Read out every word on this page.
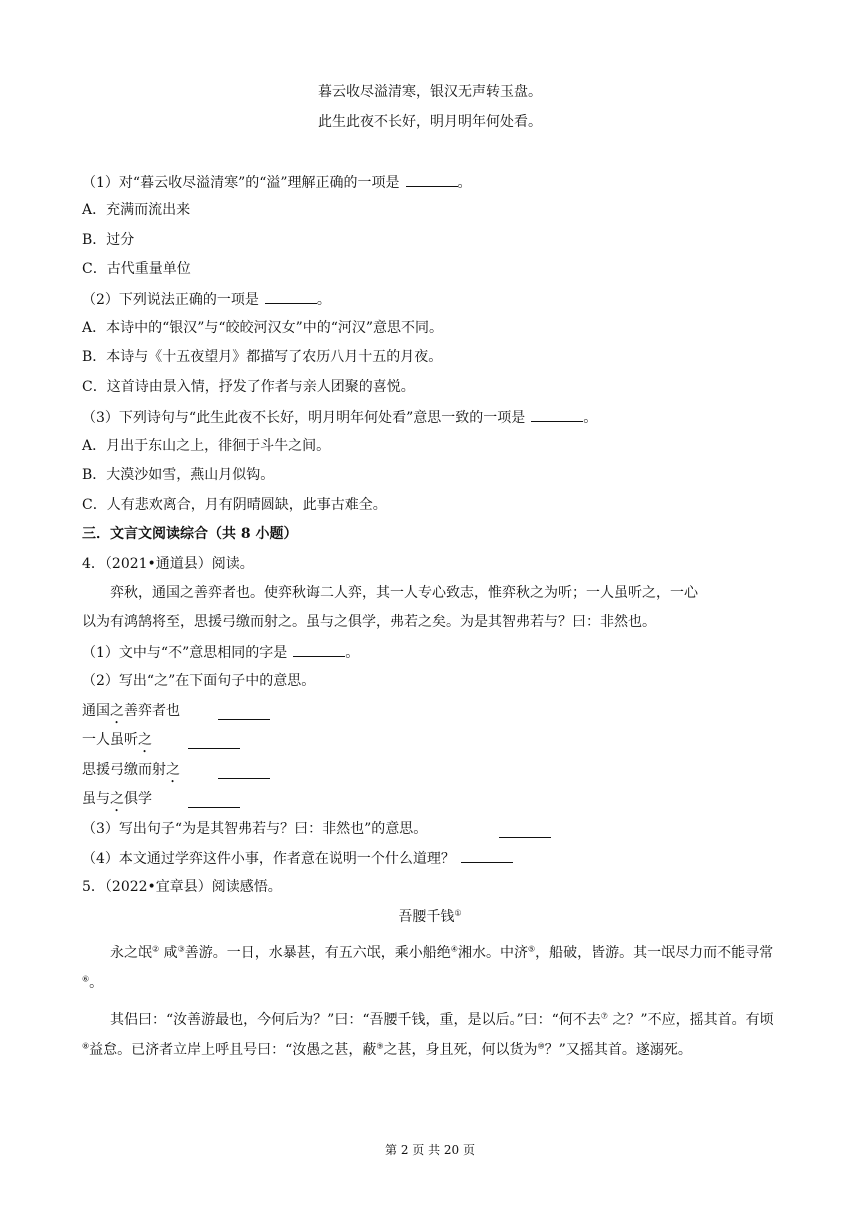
暮云收尽溢清寒，银汉无声转玉盘。
此生此夜不长好，明月明年何处看。
（1）对“暮云收尽溢清寒”的“溢”理解正确的一项是	。
A．充满而流出来
B．过分
C．古代重量单位
（2）下列说法正确的一项是	。
A．本诗中的“银汉”与“皎皎河汉女”中的“河汉”意思不同。
B．本诗与《十五夜望月》都描写了农历八月十五的月夜。
C．这首诗由景入情，抒发了作者与亲人团聚的喜悦。
（3）下列诗句与“此生此夜不长好，明月明年何处看”意思一致的一项是	。
A．月出于东山之上，徘徊于斗牛之间。
B．大漠沙如雪，燕山月似钩。
C．人有悲欢离合，月有阴晴圆缺，此事古难全。
三．文言文阅读综合（共 8 小题）
4．（2021•通道县）阅读。
弈秋，通国之善弈者也。使弈秋诲二人弈，其一人专心致志，惟弈秋之为听；一人虽听之，一心
以为有鸿鹄将至，思援弓缴而射之。虽与之俱学，弗若之矣。为是其智弗若与？曰：非然也。
（1）文中与“不”意思相同的字是	。
（2）写出“之”在下面句子中的意思。
通国之善弈者也
一人虽听之
思援弓缴而射之
虽与之俱学
（3）写出句子“为是其智弗若与？曰：非然也”的意思。
（4）本文通过学弈这件小事，作者意在说明一个什么道理？
5．（2022•宜章县）阅读感悟。
吾腰千钱①
永之氓② 咸③善游。一日，水暴甚，有五六氓，乘小船绝④湘水。中济⑤，船破，皆游。其一氓尽力而不能寻常⑥。
其侣曰：“汝善游最也，今何后为？”曰：“吾腰千钱，重，是以后。”曰：“何不去⑦ 之？”不应，摇其首。有顷⑧益怠。已济者立岸上呼且号曰：“汝愚之甚，蔽⑨之甚，身且死，何以货为⑩？”又摇其首。遂溺死。
第 2 页 共 20 页
